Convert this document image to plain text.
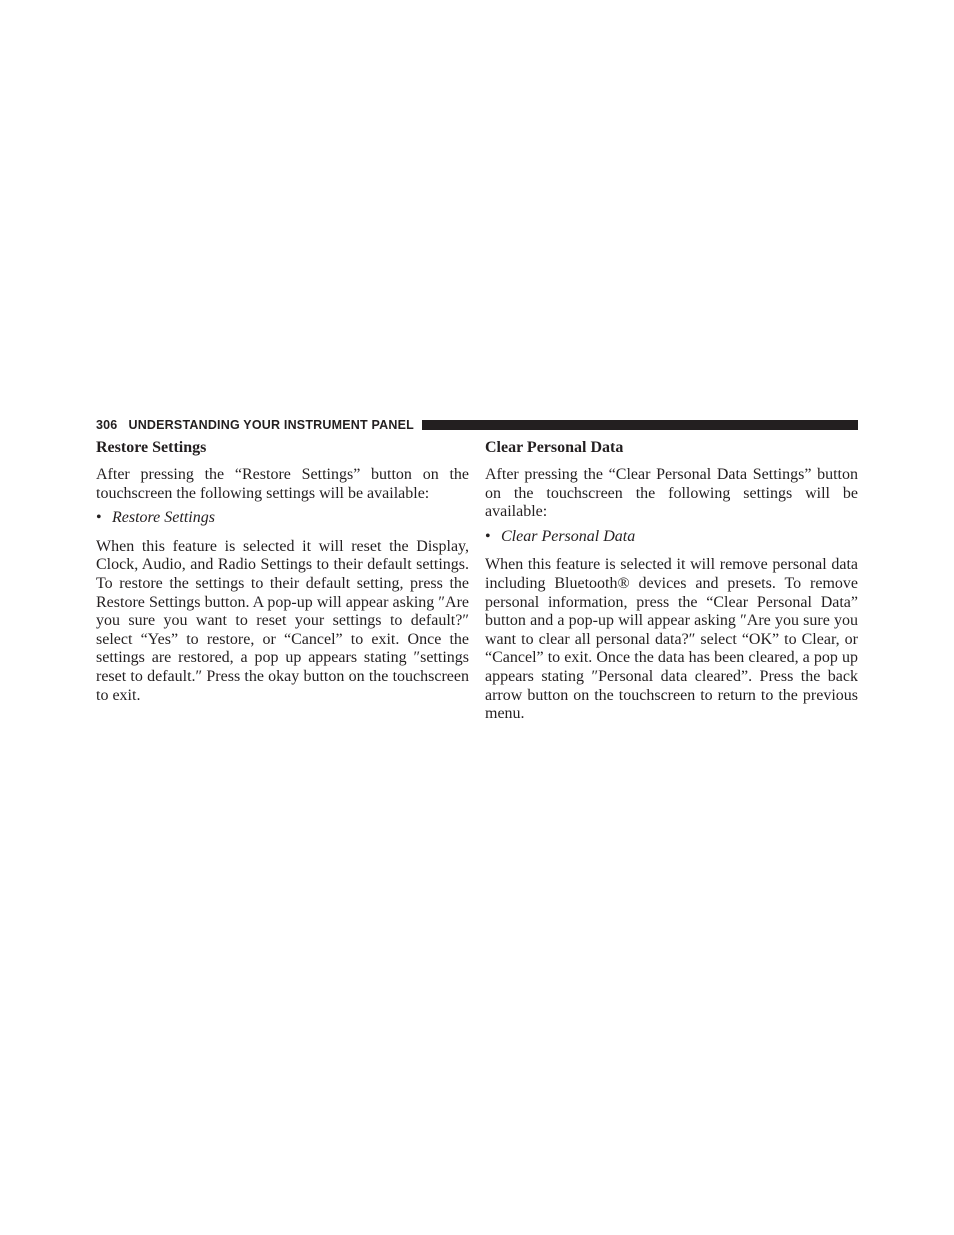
306 UNDERSTANDING YOUR INSTRUMENT PANEL
Restore Settings

After pressing the “Restore Settings” button on the touchscreen the following settings will be available:

• Restore Settings

When this feature is selected it will reset the Display, Clock, Audio, and Radio Settings to their default settings. To restore the settings to their default setting, press the Restore Settings button. A pop-up will appear asking ″Are you sure you want to reset your settings to default?″ select “Yes” to restore, or “Cancel” to exit. Once the settings are restored, a pop up appears stating ″settings reset to default.″ Press the okay button on the touchscreen to exit.

Clear Personal Data

After pressing the “Clear Personal Data Settings” button on the touchscreen the following settings will be available:

• Clear Personal Data

When this feature is selected it will remove personal data including Bluetooth® devices and presets. To remove personal information, press the “Clear Personal Data” button and a pop-up will appear asking ″Are you sure you want to clear all personal data?″ select “OK” to Clear, or “Cancel” to exit. Once the data has been cleared, a pop up appears stating ″Personal data cleared”. Press the back arrow button on the touchscreen to return to the previous menu.
